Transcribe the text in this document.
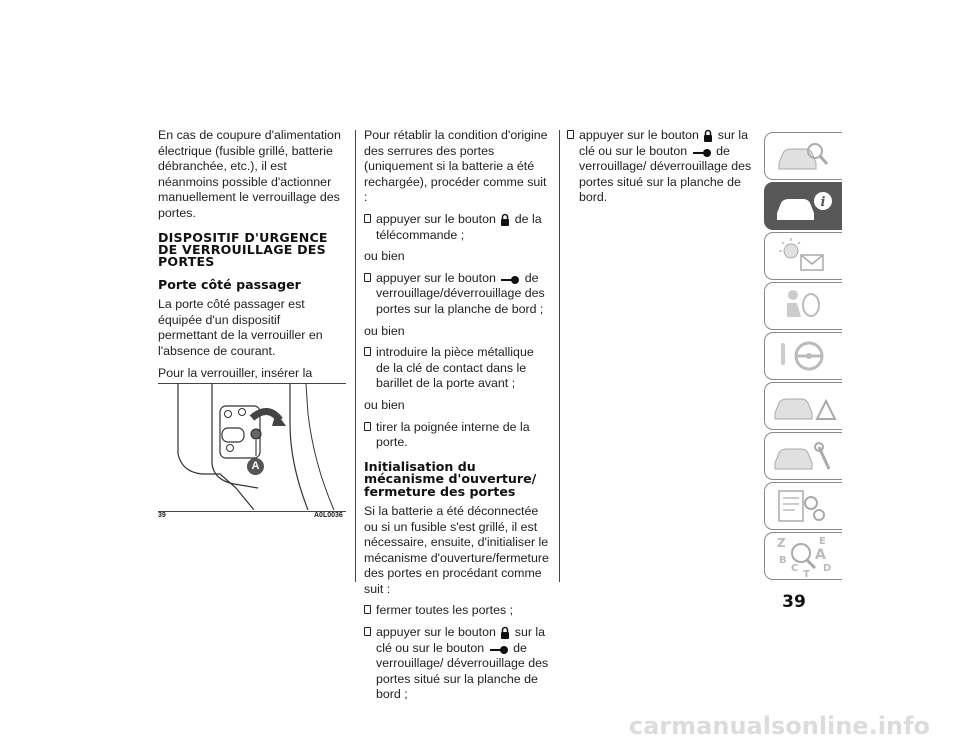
En cas de coupure d'alimentation électrique (fusible grillé, batterie débranchée, etc.), il est néanmoins possible d'actionner manuellement le verrouillage des portes.

DISPOSITIF D'URGENCE DE VERROUILLAGE DES PORTES
Porte côté passager

La porte côté passager est équipée d'un dispositif permettant de la verrouiller en l'absence de courant.

Pour la verrouiller, insérer la

A
39	A0L0036

Pour rétablir la condition d'origine des serrures des portes (uniquement si la batterie a été rechargée), procéder comme suit :

appuyer sur le bouton de la télécommande ;

ou bien

appuyer sur le bouton de verrouillage/déverrouillage des portes sur la planche de bord ;

ou bien

introduire la pièce métallique de la clé de contact dans le barillet de la porte avant ;

ou bien

tirer la poignée interne de la porte.
Initialisation du mécanisme d'ouverture/ fermeture des portes

Si la batterie a été déconnectée ou si un fusible s'est grillé, il est nécessaire, ensuite, d'initialiser le mécanisme d'ouverture/fermeture des portes en procédant comme suit :

fermer toutes les portes ;
appuyer sur le bouton sur la clé ou sur le bouton de verrouillage/ déverrouillage des portes situé sur la planche de bord ;
appuyer sur le bouton sur la clé ou sur le bouton de verrouillage/ déverrouillage des portes situé sur la planche de bord.	i
Z	E
A
B
C
T
D
39
carmanualsonline.info
